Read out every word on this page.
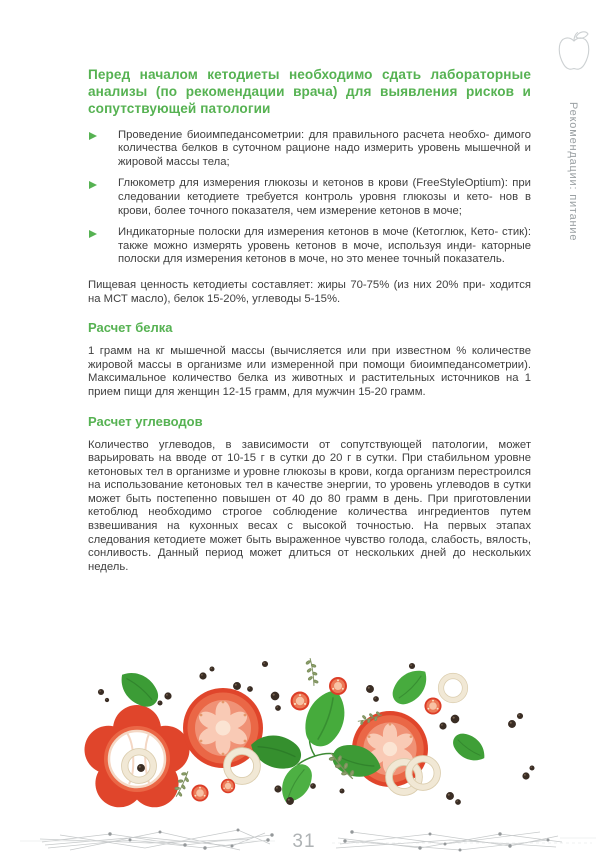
Рекомендации: питание
Перед началом кетодиеты необходимо сдать лабораторные анализы (по рекомендации врача) для выявления рисков и сопутствующей патологии

Проведение биоимпедансометрии: для правильного расчета необхо- димого количества белков в суточном рационе надо измерить уровень мышечной и жировой массы тела;

Глюкометр для измерения глюкозы и кетонов в крови (FreeStyleOptium): при следовании кетодиете требуется контроль уровня глюкозы и кето- нов в крови, более точного показателя, чем измерение кетонов в моче;

Индикаторные полоски для измерения кетонов в моче (Кетоглюк, Кето- стик): также можно измерять уровень кетонов в моче, используя инди- каторные полоски для измерения кетонов в моче, но это менее точный показатель.

Пищевая ценность кетодиеты составляет: жиры 70-75% (из них 20% при- ходится на МСТ масло), белок 15-20%, углеводы 5-15%.

Расчет белка

1 грамм на кг мышечной массы (вычисляется или при известном % количестве жировой массы в организме или измеренной при помощи биоимпедансометрии). Максимальное количество белка из животных и растительных источников на 1 прием пищи для женщин 12-15 грамм, для мужчин 15-20 грамм.

Расчет углеводов

Количество углеводов, в зависимости от сопутствующей патологии, может варьировать на вводе от 10-15 г в сутки до 20 г в сутки. При стабильном уровне кетоновых тел в организме и уровне глюкозы в крови, когда организм перестроился на использование кетоновых тел в качестве энергии, то уровень углеводов в сутки может быть постепенно повышен от 40 до 80 грамм в день. При приготовлении кетоблюд необходимо строгое соблюдение количества ингредиентов путем взвешивания на кухонных весах с высокой точностью. На первых этапах следования кетодиете может быть выраженное чувство голода, слабость, вялость, сонливость. Данный период может длиться от нескольких дней до нескольких недель.

31
